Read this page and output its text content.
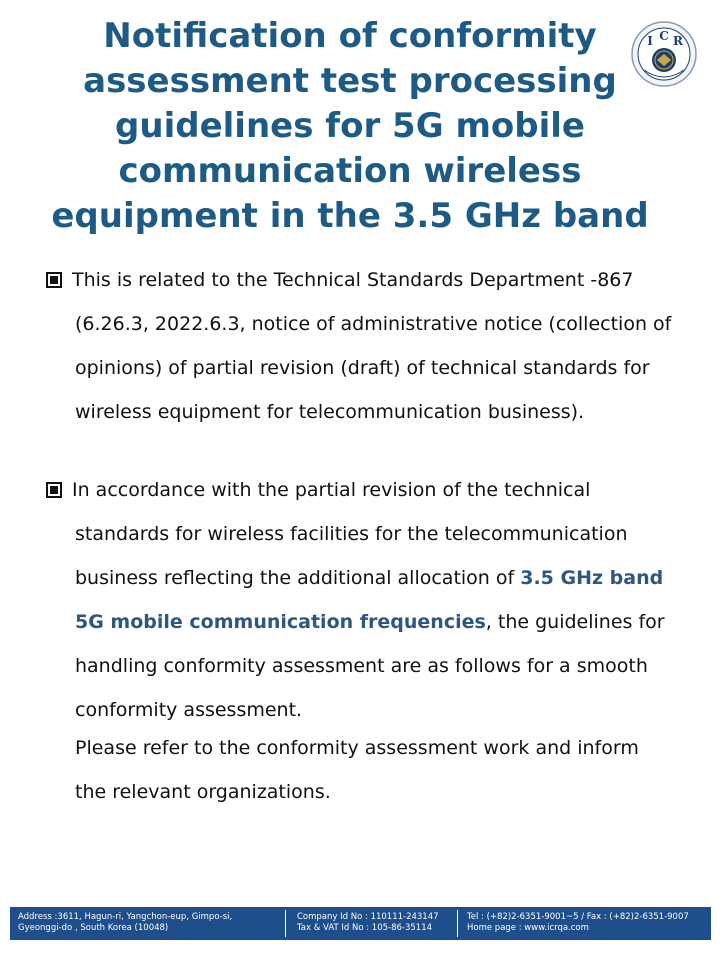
Notification of conformity
assessment test processing
guidelines for 5G mobile
communication wireless
equipment in the 3.5 GHz band
I C R
This is related to the Technical Standards Department -867
(6.26.3, 2022.6.3, notice of administrative notice (collection of
opinions) of partial revision (draft) of technical standards for
wireless equipment for telecommunication business).
In accordance with the partial revision of the technical
standards for wireless facilities for the telecommunication
business reflecting the additional allocation of 3.5 GHz band
5G mobile communication frequencies, the guidelines for
handling conformity assessment are as follows for a smooth
conformity assessment.
Please refer to the conformity assessment work and inform
the relevant organizations.
Address :3611, Hagun-ri, Yangchon-eup, Gimpo-si,
Gyeonggi-do , South Korea (10048)
Company Id No : 110111-243147
Tax & VAT Id No : 105-86-35114
Tel : (+82)2-6351-9001~5 / Fax : (+82)2-6351-9007
Home page : www.icrqa.com
